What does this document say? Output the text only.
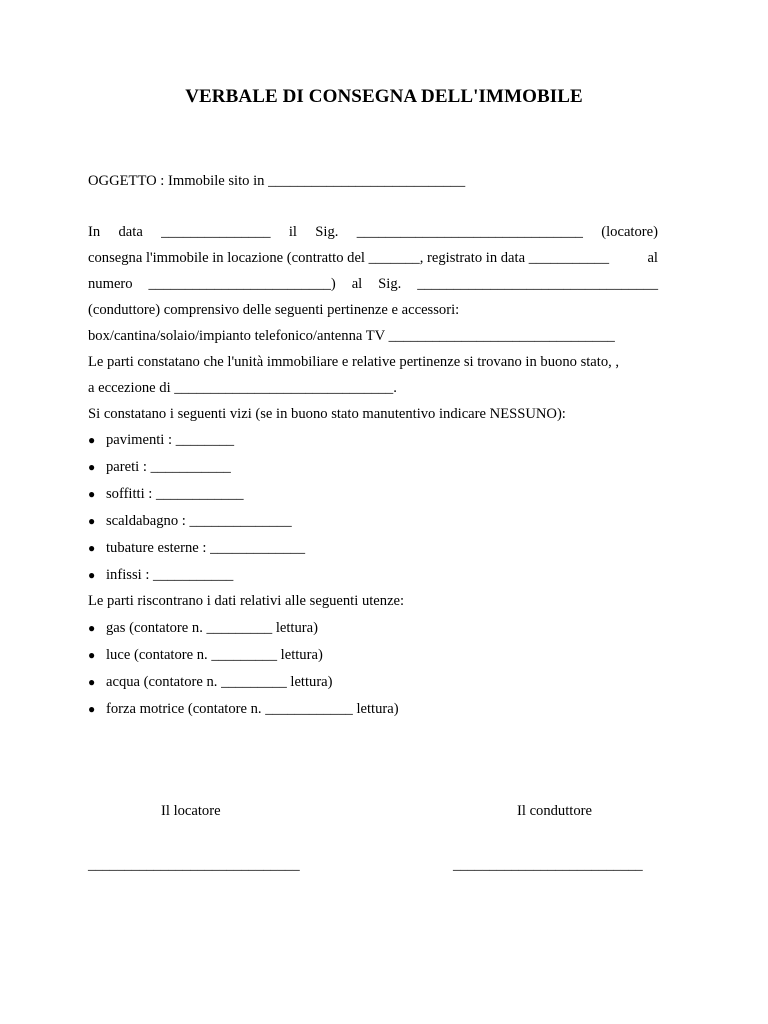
VERBALE DI CONSEGNA DELL'IMMOBILE
OGGETTO : Immobile sito in ___________________________
In data _______________ il Sig. _______________________________ (locatore)
consegna l'immobile in locazione (contratto del _______, registrato in data ___________	al
numero _________________________) al Sig. _________________________________
(conduttore) comprensivo delle seguenti pertinenze e accessori:
box/cantina/solaio/impianto telefonico/antenna TV _______________________________
Le parti constatano che l'unità immobiliare e relative pertinenze si trovano in buono stato, ,
a eccezione di ______________________________.
Si constatano i seguenti vizi (se in buono stato manutentivo indicare NESSUNO):
● pavimenti : ________
● pareti : ___________
● soffitti : ____________
● scaldabagno : ______________
● tubature esterne : _____________
● infissi : ___________
Le parti riscontrano i dati relativi alle seguenti utenze:
● gas (contatore n. _________ lettura)
● luce (contatore n. _________ lettura)
● acqua (contatore n. _________ lettura)
● forza motrice (contatore n. ____________ lettura)
Il locatore	Il conduttore
_____________________________	__________________________
